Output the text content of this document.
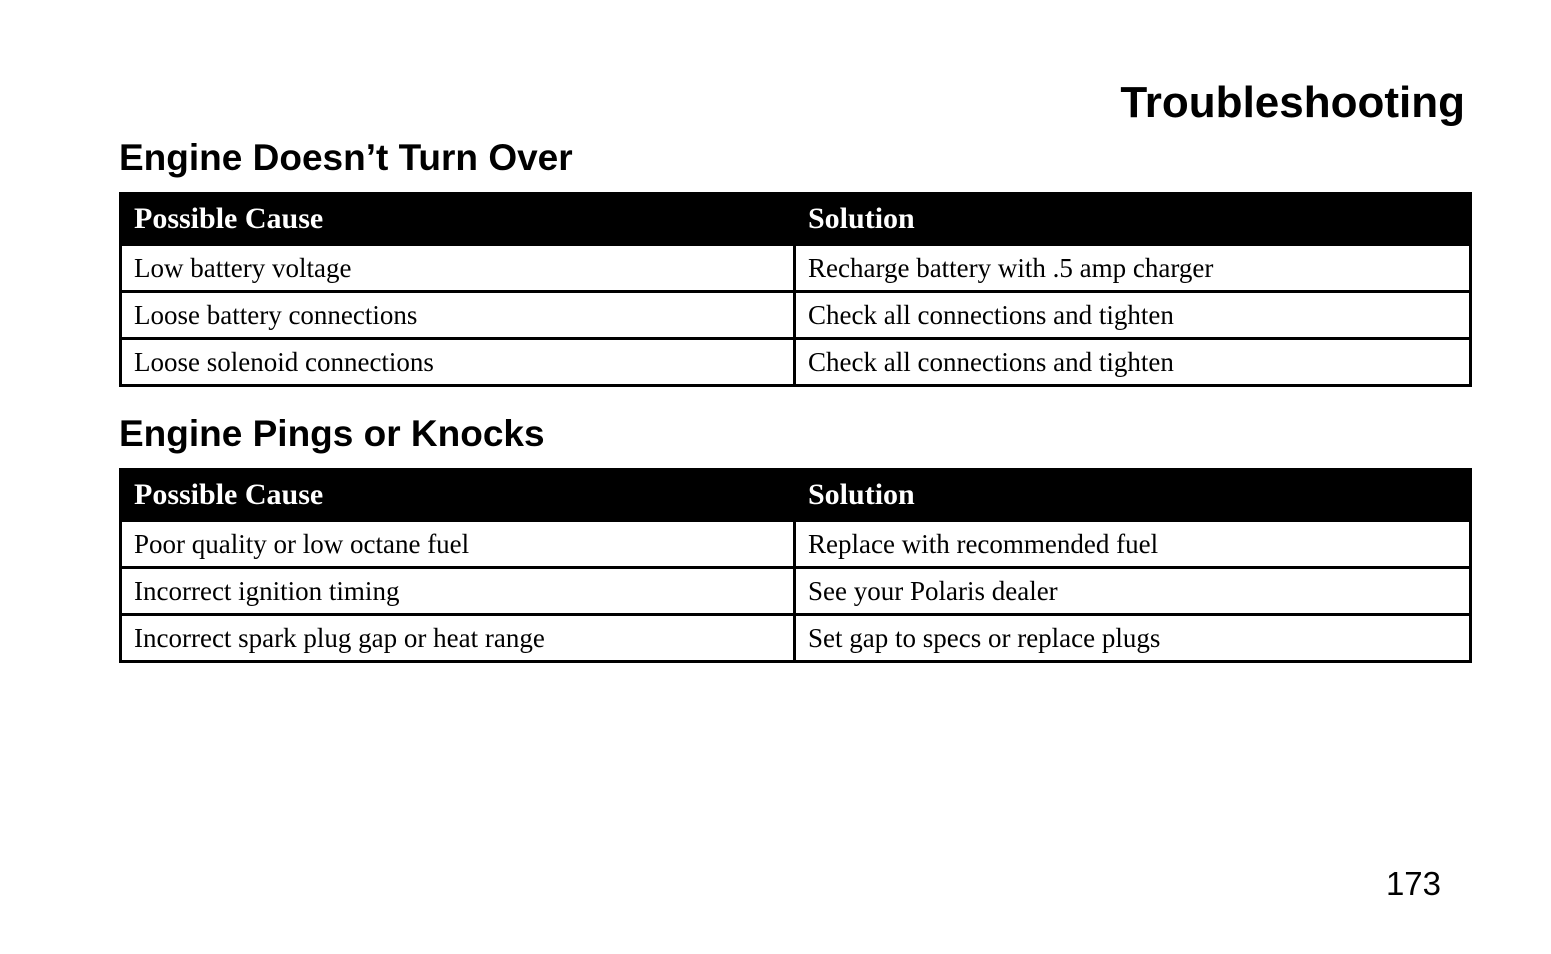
Troubleshooting
Engine Doesn’t Turn Over
Possible Cause	Solution
Low battery voltage	Recharge battery with .5 amp charger
Loose battery connections	Check all connections and tighten
Loose solenoid connections	Check all connections and tighten
Engine Pings or Knocks
Possible Cause	Solution
Poor quality or low octane fuel	Replace with recommended fuel
Incorrect ignition timing	See your Polaris dealer
Incorrect spark plug gap or heat range	Set gap to specs or replace plugs
173
